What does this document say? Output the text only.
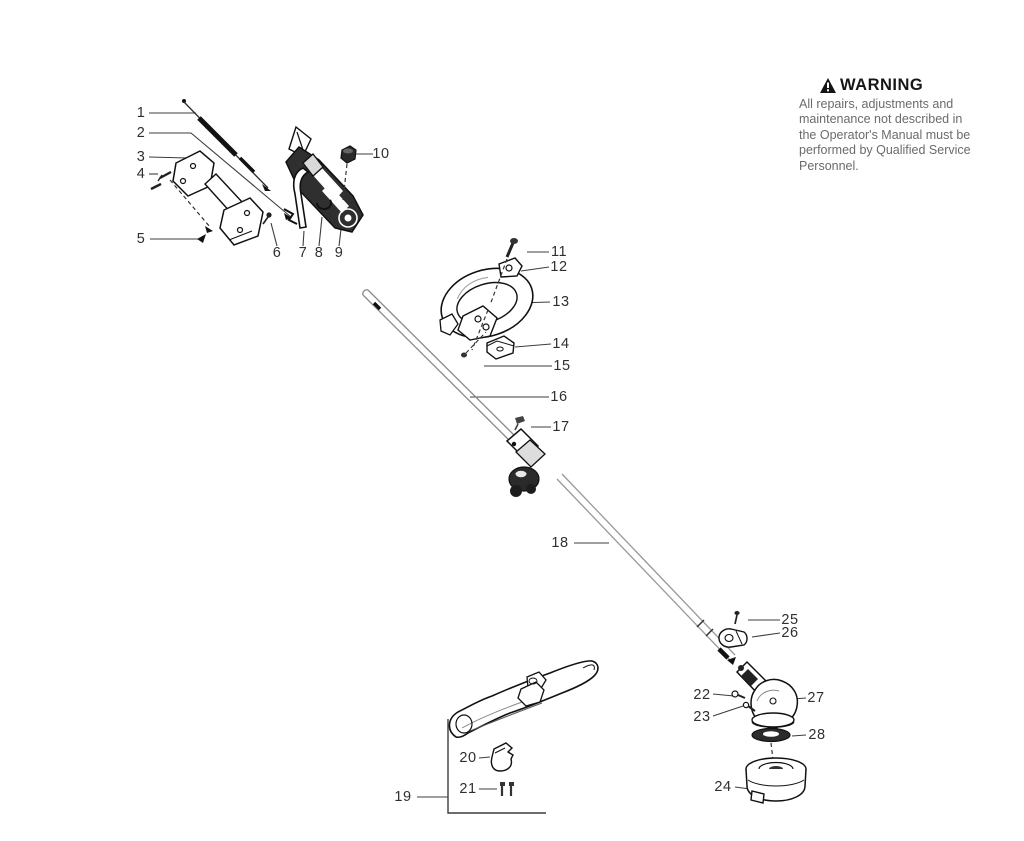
1
2
3
4
5
6 7 8 9
10
11
12
13
14
15
16
17
18
19
20
21
22
23
24
25
26
27
28
WARNING
All repairs, adjustments and
maintenance not described in
the Operator's Manual must be
performed by Qualified Service
Personnel.
